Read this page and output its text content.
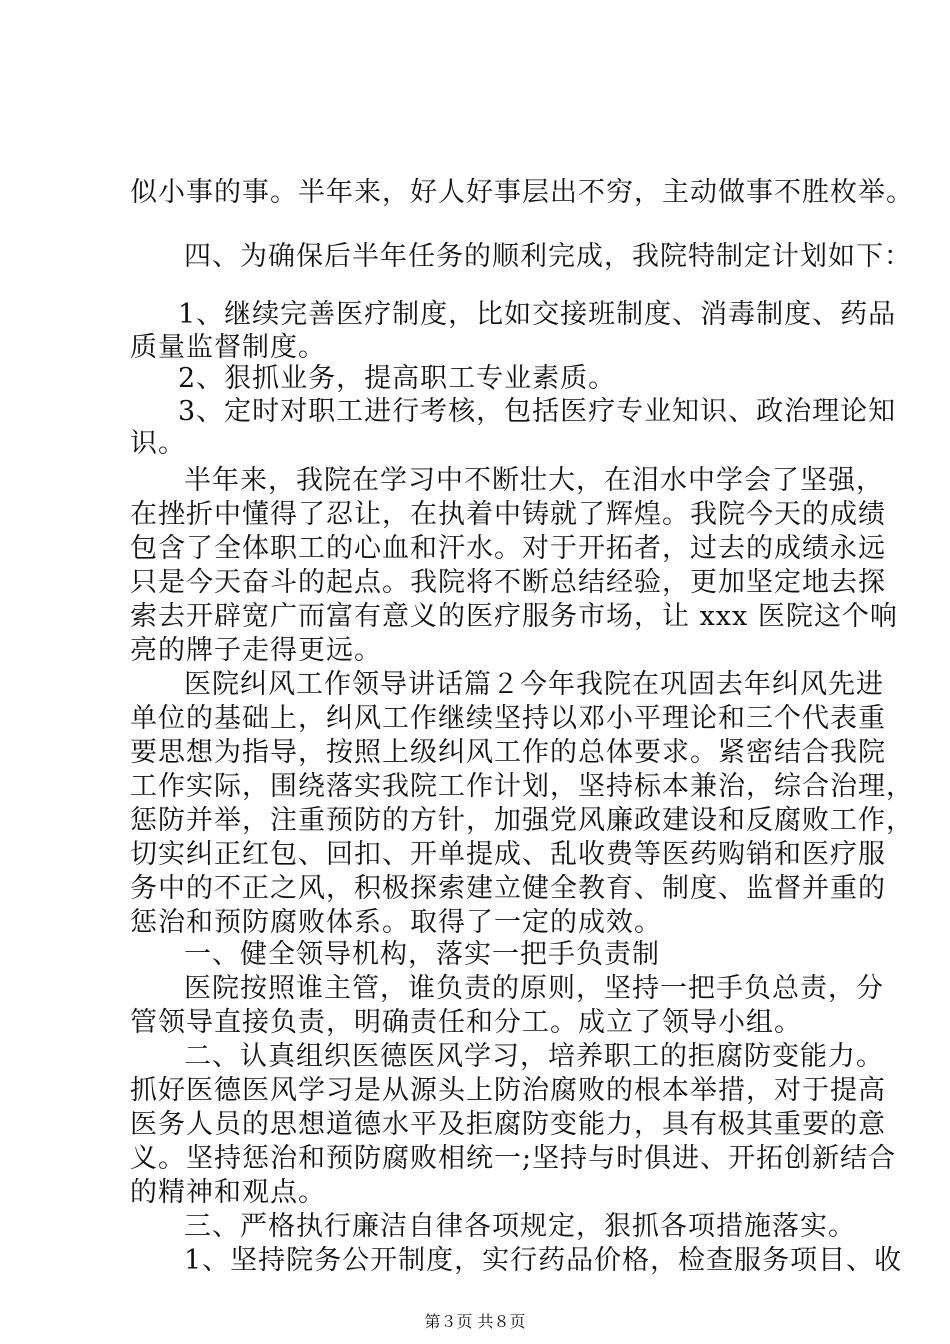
似小事的事。半年来，好人好事层出不穷，主动做事不胜枚举。
四、为确保后半年任务的顺利完成，我院特制定计划如下：
1、继续完善医疗制度，比如交接班制度、消毒制度、药品
质量监督制度。
2、狠抓业务，提高职工专业素质。
3、定时对职工进行考核，包括医疗专业知识、政治理论知
识。
半年来，我院在学习中不断壮大，在泪水中学会了坚强，
在挫折中懂得了忍让，在执着中铸就了辉煌。我院今天的成绩
包含了全体职工的心血和汗水。对于开拓者，过去的成绩永远
只是今天奋斗的起点。我院将不断总结经验，更加坚定地去探
索去开辟宽广而富有意义的医疗服务市场，让 xxx 医院这个响
亮的牌子走得更远。
医院纠风工作领导讲话篇２今年我院在巩固去年纠风先进
单位的基础上，纠风工作继续坚持以邓小平理论和三个代表重
要思想为指导，按照上级纠风工作的总体要求。紧密结合我院
工作实际，围绕落实我院工作计划，坚持标本兼治，综合治理，
惩防并举，注重预防的方针，加强党风廉政建设和反腐败工作，
切实纠正红包、回扣、开单提成、乱收费等医药购销和医疗服
务中的不正之风，积极探索建立健全教育、制度、监督并重的
惩治和预防腐败体系。取得了一定的成效。
一、健全领导机构，落实一把手负责制
医院按照谁主管，谁负责的原则，坚持一把手负总责，分
管领导直接负责，明确责任和分工。成立了领导小组。
二、认真组织医德医风学习，培养职工的拒腐防变能力。
抓好医德医风学习是从源头上防治腐败的根本举措，对于提高
医务人员的思想道德水平及拒腐防变能力，具有极其重要的意
义。坚持惩治和预防腐败相统一;坚持与时俱进、开拓创新结合
的精神和观点。
三、严格执行廉洁自律各项规定，狠抓各项措施落实。
1、坚持院务公开制度，实行药品价格，检查服务项目、收
第３页 共８页
